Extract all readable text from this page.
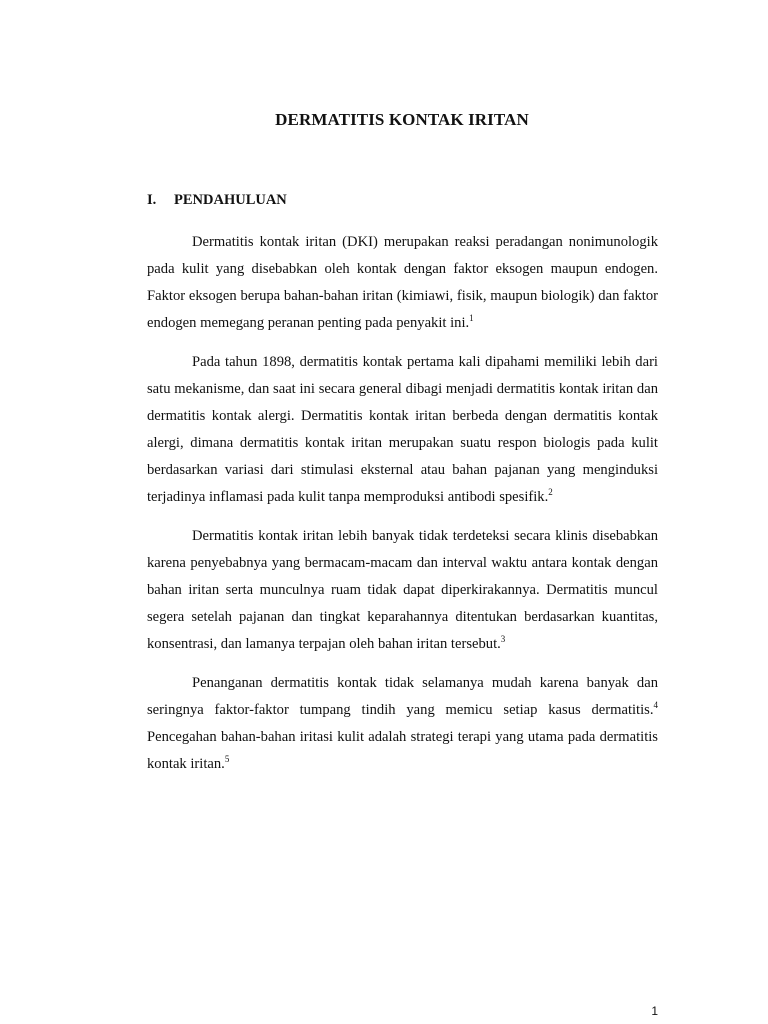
DERMATITIS KONTAK IRITAN
I.	PENDAHULUAN

Dermatitis kontak iritan (DKI) merupakan reaksi peradangan nonimunologik pada kulit yang disebabkan oleh kontak dengan faktor eksogen maupun endogen. Faktor eksogen berupa bahan-bahan iritan (kimiawi, fisik, maupun biologik) dan faktor endogen memegang peranan penting pada penyakit ini.$^1$

Pada tahun 1898, dermatitis kontak pertama kali dipahami memiliki lebih dari satu mekanisme, dan saat ini secara general dibagi menjadi dermatitis kontak iritan dan dermatitis kontak alergi. Dermatitis kontak iritan berbeda dengan dermatitis kontak alergi, dimana dermatitis kontak iritan merupakan suatu respon biologis pada kulit berdasarkan variasi dari stimulasi eksternal atau bahan pajanan yang menginduksi terjadinya inflamasi pada kulit tanpa memproduksi antibodi spesifik.$^2$

Dermatitis kontak iritan lebih banyak tidak terdeteksi secara klinis disebabkan karena penyebabnya yang bermacam-macam dan interval waktu antara kontak dengan bahan iritan serta munculnya ruam tidak dapat diperkirakannya. Dermatitis muncul segera setelah pajanan dan tingkat keparahannya ditentukan berdasarkan kuantitas, konsentrasi, dan lamanya terpajan oleh bahan iritan tersebut.$^3$

Penanganan dermatitis kontak tidak selamanya mudah karena banyak dan seringnya faktor-faktor tumpang tindih yang memicu setiap kasus dermatitis.$^4$ Pencegahan bahan-bahan iritasi kulit adalah strategi terapi yang utama pada dermatitis kontak iritan.$^5$

1
